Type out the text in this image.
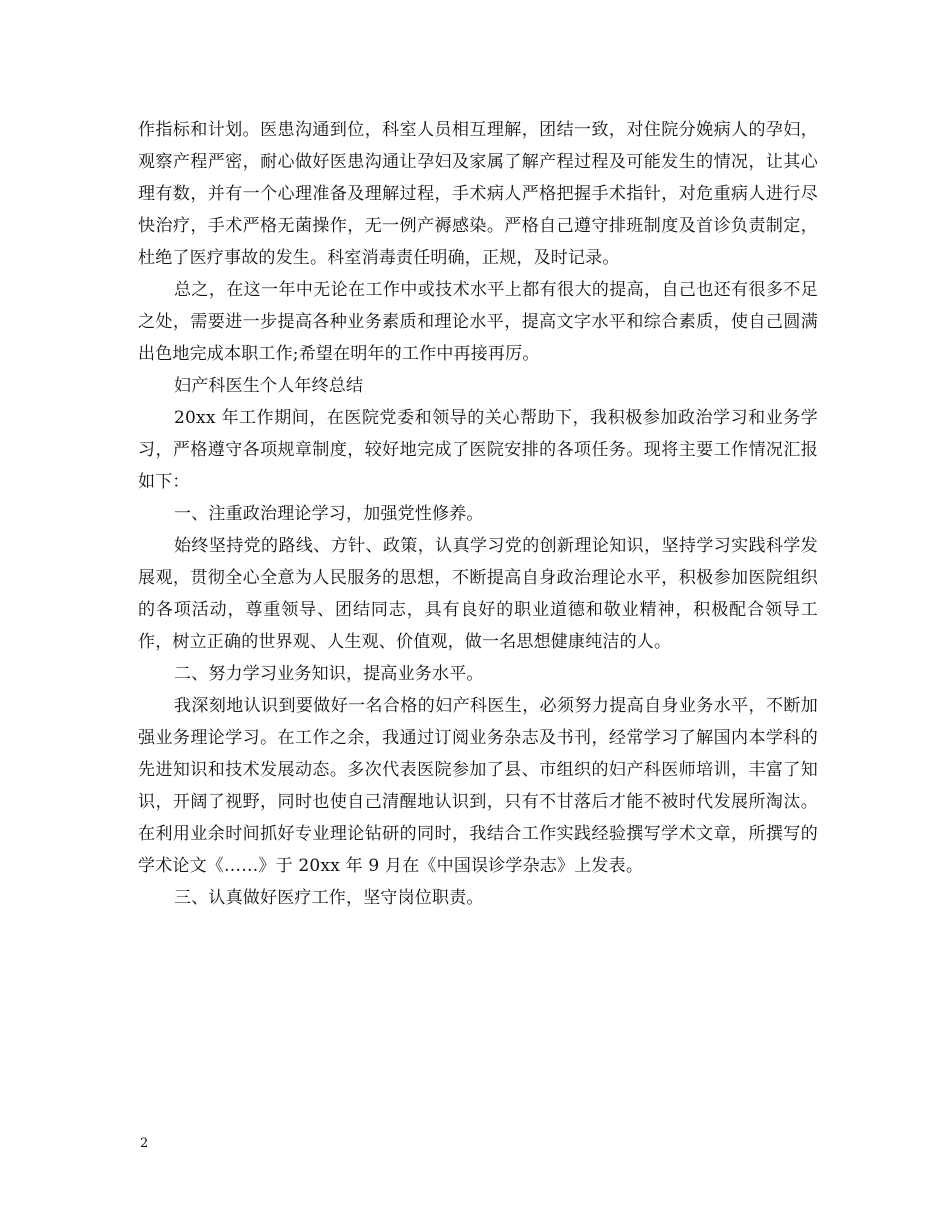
作指标和计划。医患沟通到位，科室人员相互理解，团结一致，对住院分娩病人的孕妇，观察产程严密，耐心做好医患沟通让孕妇及家属了解产程过程及可能发生的情况，让其心理有数，并有一个心理准备及理解过程，手术病人严格把握手术指针，对危重病人进行尽快治疗，手术严格无菌操作，无一例产褥感染。严格自己遵守排班制度及首诊负责制定，杜绝了医疗事故的发生。科室消毒责任明确，正规，及时记录。

总之，在这一年中无论在工作中或技术水平上都有很大的提高，自己也还有很多不足之处，需要进一步提高各种业务素质和理论水平，提高文字水平和综合素质，使自己圆满出色地完成本职工作;希望在明年的工作中再接再厉。

妇产科医生个人年终总结

20xx 年工作期间，在医院党委和领导的关心帮助下，我积极参加政治学习和业务学习，严格遵守各项规章制度，较好地完成了医院安排的各项任务。现将主要工作情况汇报如下：

一、注重政治理论学习，加强党性修养。

始终坚持党的路线、方针、政策，认真学习党的创新理论知识，坚持学习实践科学发展观，贯彻全心全意为人民服务的思想，不断提高自身政治理论水平，积极参加医院组织的各项活动，尊重领导、团结同志，具有良好的职业道德和敬业精神，积极配合领导工作，树立正确的世界观、人生观、价值观，做一名思想健康纯洁的人。

二、努力学习业务知识，提高业务水平。

我深刻地认识到要做好一名合格的妇产科医生，必须努力提高自身业务水平，不断加强业务理论学习。在工作之余，我通过订阅业务杂志及书刊，经常学习了解国内本学科的先进知识和技术发展动态。多次代表医院参加了县、市组织的妇产科医师培训，丰富了知识，开阔了视野，同时也使自己清醒地认识到，只有不甘落后才能不被时代发展所淘汰。在利用业余时间抓好专业理论钻研的同时，我结合工作实践经验撰写学术文章，所撰写的学术论文《……》于 20xx 年 9 月在《中国误诊学杂志》上发表。

三、认真做好医疗工作，坚守岗位职责。

2
